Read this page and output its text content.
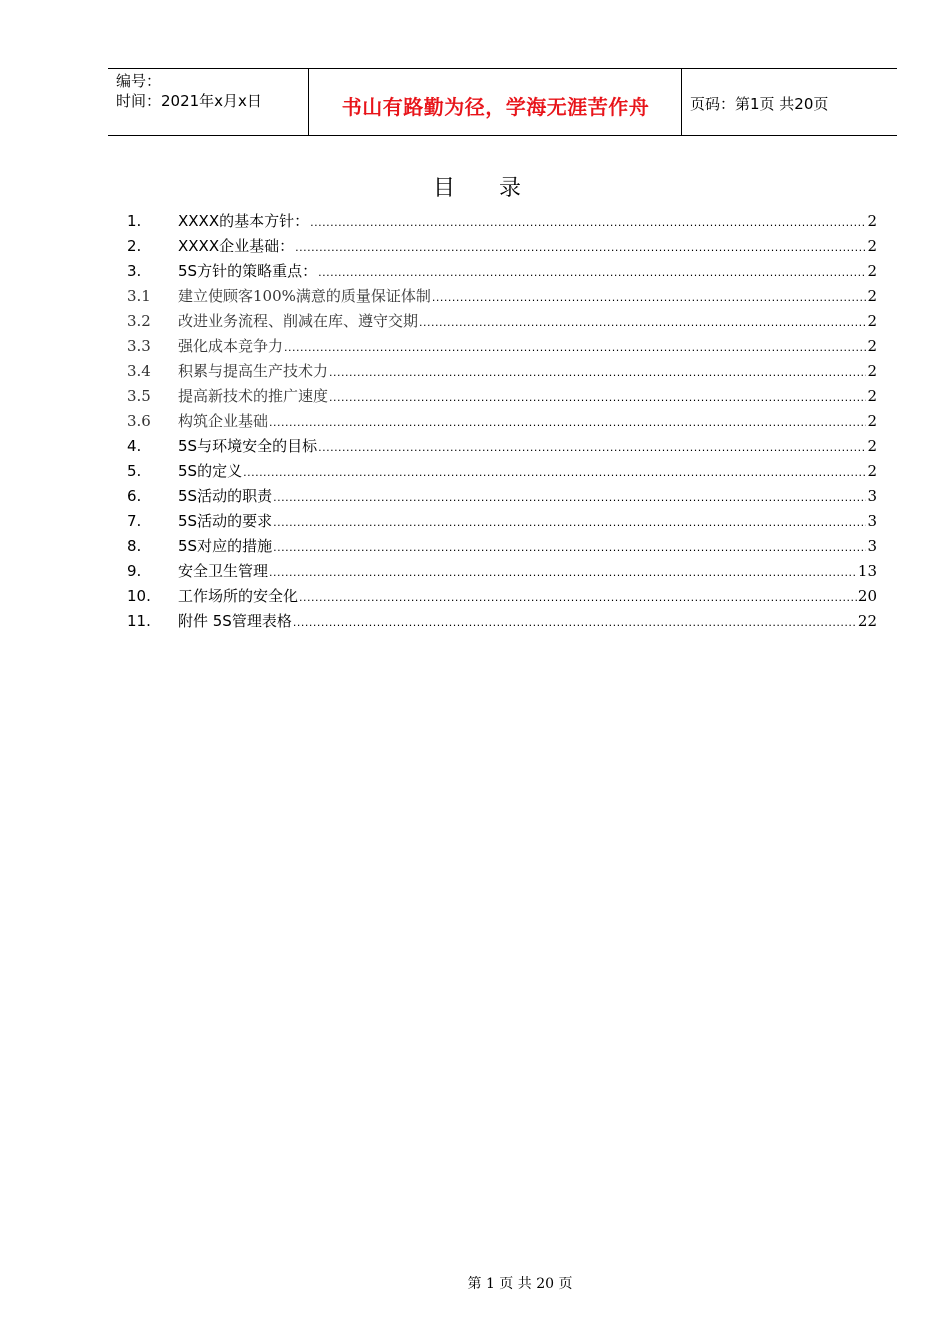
编号：
时间：2021年x月x日	书山有路勤为径，学海无涯苦作舟	页码：第1页 共20页
目录
1.	XXXX的基本方针： .....	2
2.	XXXX企业基础： .....	2
3.	5S方针的策略重点： .....	2
3.1	建立使顾客100%满意的质量保证体制 .....	2
3.2	改进业务流程、削减在库、遵守交期 .....	2
3.3	强化成本竞争力 .....	2
3.4	积累与提高生产技术力 .....	2
3.5	提高新技术的推广速度 .....	2
3.6	构筑企业基础 .....	2
4.	5S与环境安全的目标 .....	2
5.	5S的定义 .....	2
6.	5S活动的职责 .....	3
7.	5S活动的要求 .....	3
8.	5S对应的措施 .....	3
9.	安全卫生管理 .....	13
10.	工作场所的安全化 .....	20
11.	附件 5S管理表格 .....	22
第 1 页 共 20 页
